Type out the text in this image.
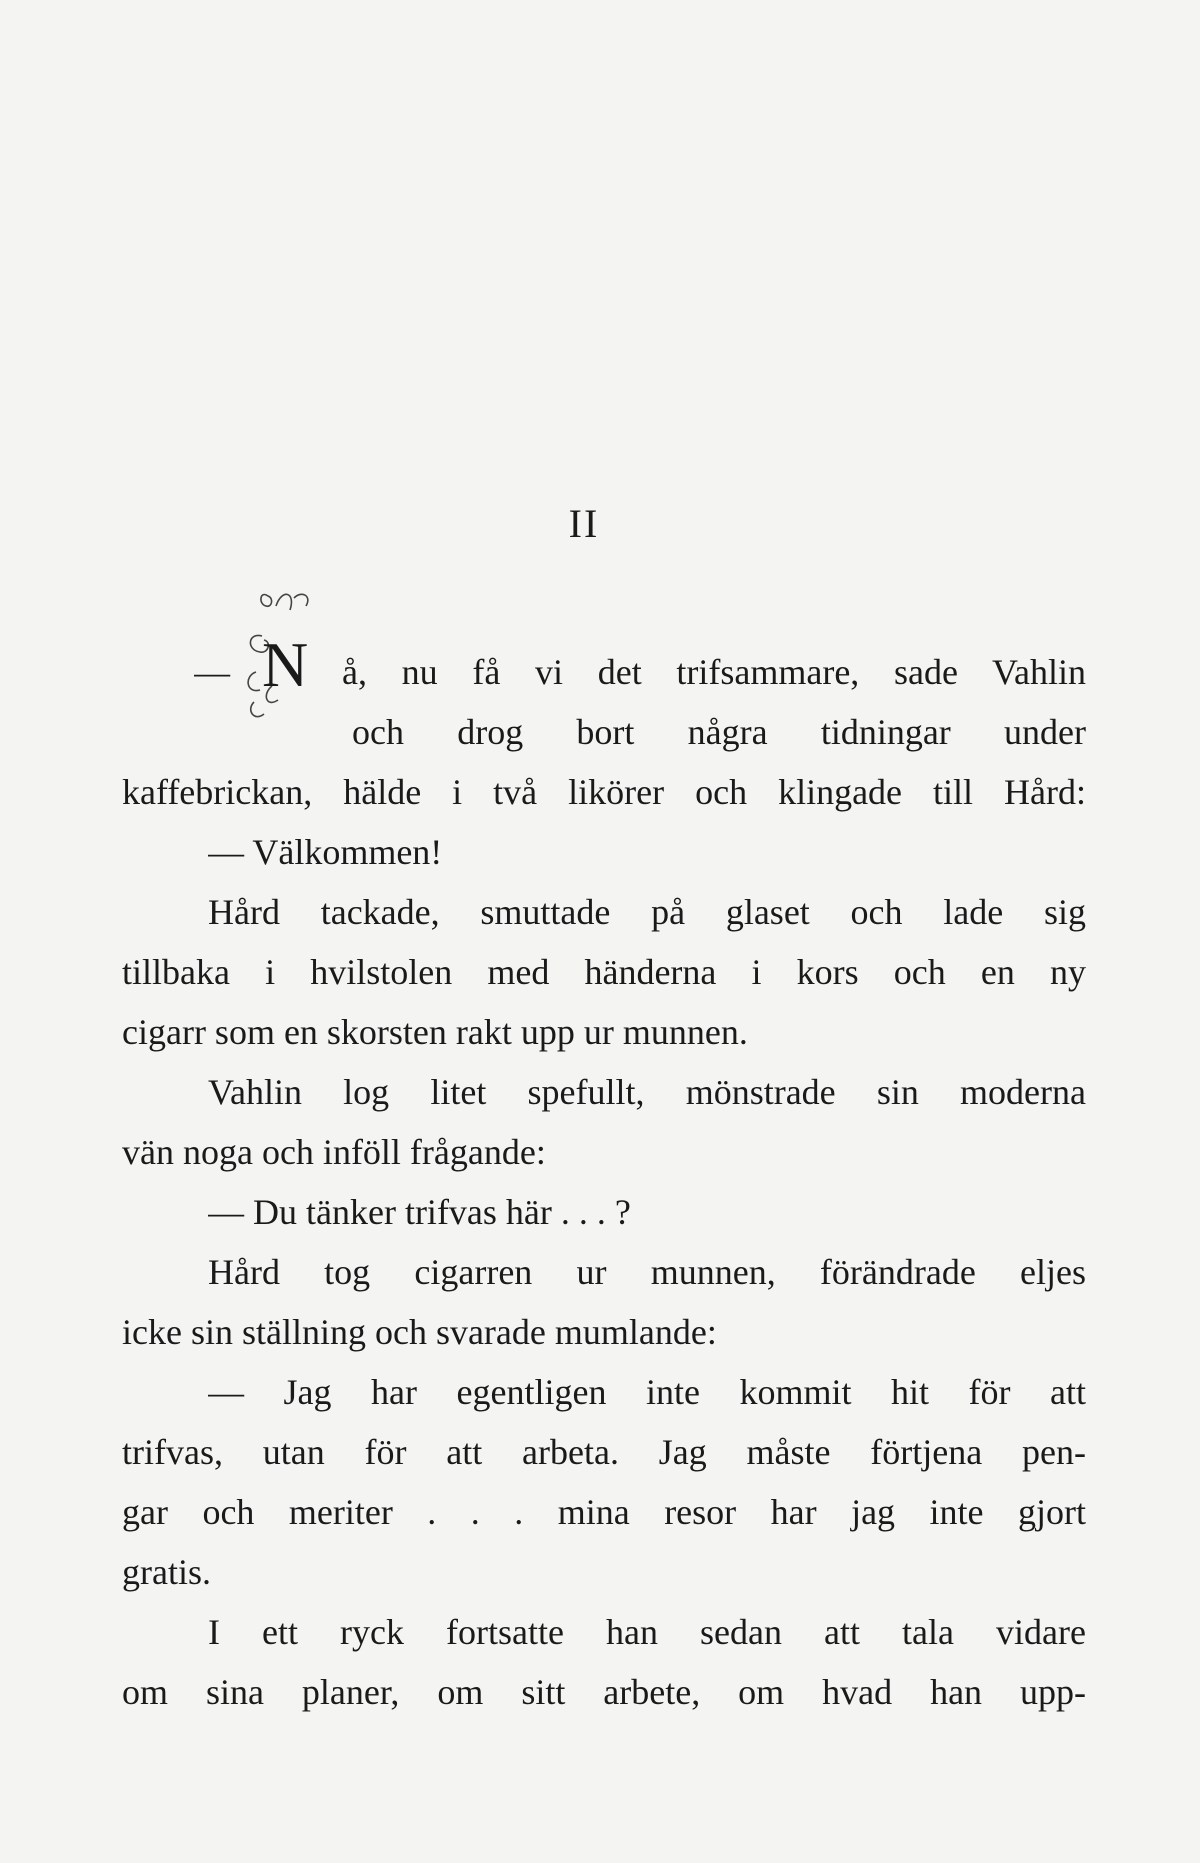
II
— N å, nu få vi det trifsammare, sade Vahlin
och drog bort några tidningar under
kaffebrickan, hälde i två likörer och klingade till Hård:
— Välkommen!
Hård tackade, smuttade på glaset och lade sig
tillbaka i hvilstolen med händerna i kors och en ny
cigarr som en skorsten rakt upp ur munnen.
Vahlin log litet spefullt, mönstrade sin moderna
vän noga och inföll frågande:
— Du tänker trifvas här . . . ?
Hård tog cigarren ur munnen, förändrade eljes
icke sin ställning och svarade mumlande:
— Jag har egentligen inte kommit hit för att
trifvas, utan för att arbeta. Jag måste förtjena pen-
gar och meriter . . . mina resor har jag inte gjort
gratis.
I ett ryck fortsatte han sedan att tala vidare
om sina planer, om sitt arbete, om hvad han upp-
